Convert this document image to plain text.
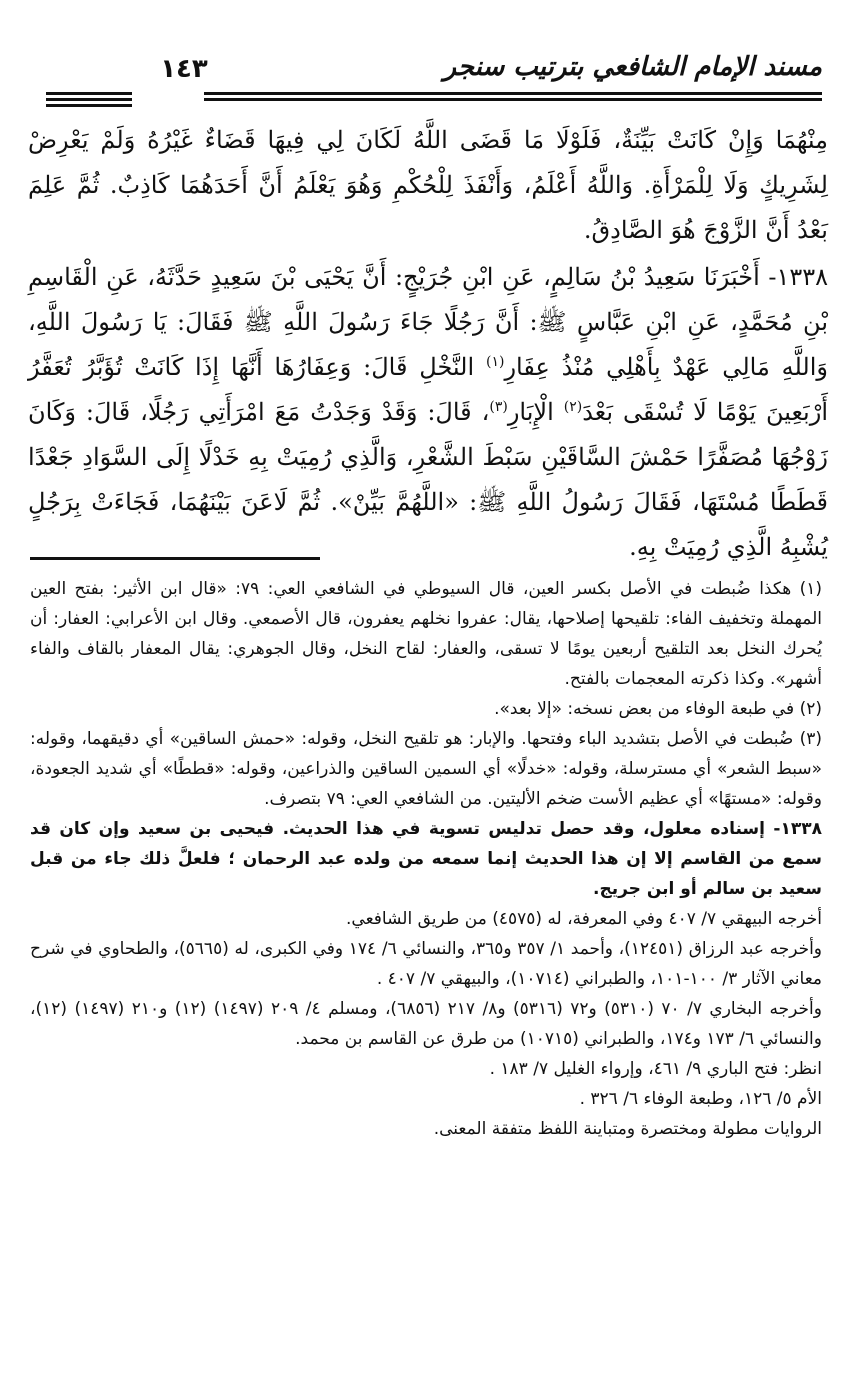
مسند الإمام الشافعي بترتيب سنجر
١٤٣

مِنْهُمَا وَإِنْ كَانَتْ بَيِّنَةٌ، فَلَوْلَا مَا قَضَى اللَّهُ لَكَانَ لِي فِيهَا قَضَاءٌ غَيْرُهُ وَلَمْ يَعْرِضْ لِشَرِيكٍ وَلَا لِلْمَرْأَةِ. وَاللَّهُ أَعْلَمُ، وَأَنْفَذَ لِلْحُكْمِ وَهُوَ يَعْلَمُ أَنَّ أَحَدَهُمَا كَاذِبٌ. ثُمَّ عَلِمَ بَعْدُ أَنَّ الزَّوْجَ هُوَ الصَّادِقُ.

١٣٣٨- أَخْبَرَنَا سَعِيدُ بْنُ سَالِمٍ، عَنِ ابْنِ جُرَيْجٍ: أَنَّ يَحْيَى بْنَ سَعِيدٍ حَدَّثَهُ، عَنِ الْقَاسِمِ بْنِ مُحَمَّدٍ، عَنِ ابْنِ عَبَّاسٍ ﷺ: أَنَّ رَجُلًا جَاءَ رَسُولَ اللَّهِ ﷺ فَقَالَ: يَا رَسُولَ اللَّهِ، وَاللَّهِ مَالِي عَهْدٌ بِأَهْلِي مُنْذُ عِفَارِ$^{(١)}$ النَّخْلِ قَالَ: وَعِفَارُهَا أَنَّهَا إِذَا كَانَتْ تُؤَبَّرُ تُعَفَّرُ أَرْبَعِينَ يَوْمًا لَا تُسْقَى بَعْدَ$^{(٢)}$ الْإِبَارِ$^{(٣)}$، قَالَ: وَقَدْ وَجَدْتُ مَعَ امْرَأَتِي رَجُلًا، قَالَ: وَكَانَ زَوْجُهَا مُصَفَّرًا حَمْشَ السَّاقَيْنِ سَبْطَ الشَّعْرِ، وَالَّذِي رُمِيَتْ بِهِ خَدْلًا إِلَى السَّوَادِ جَعْدًا قَطَطًا مُسْتَهَا، فَقَالَ رَسُولُ اللَّهِ ﷺ: «اللَّهُمَّ بَيِّنْ». ثُمَّ لَاعَنَ بَيْنَهُمَا، فَجَاءَتْ بِرَجُلٍ يُشْبِهُ الَّذِي رُمِيَتْ بِهِ.

(١) هكذا ضُبطت في الأصل بكسر العين، قال السيوطي في الشافعي العي: ٧٩: «قال ابن الأثير: بفتح العين المهملة وتخفيف الفاء: تلقيحها إصلاحها، يقال: عفروا نخلهم يعفرون، قال الأصمعي. وقال ابن الأعرابي: العفار: أن يُحرك النخل بعد التلقيح أربعين يومًا لا تسقى، والعفار: لقاح النخل، وقال الجوهري: يقال المعفار بالقاف والفاء أشهر». وكذا ذكرته المعجمات بالفتح.

(٢) في طبعة الوفاء من بعض نسخه: «إلا بعد».

(٣) ضُبطت في الأصل بتشديد الباء وفتحها. والإبار: هو تلقيح النخل، وقوله: «حمش الساقين» أي دقيقهما، وقوله: «سبط الشعر» أي مسترسلة، وقوله: «خدلًا» أي السمين الساقين والذراعين، وقوله: «قططًا» أي شديد الجعودة، وقوله: «مستهًا» أي عظيم الأست ضخم الأليتين. من الشافعي العي: ٧٩ بتصرف.

١٣٣٨- إسناده معلول، وقد حصل تدليس تسوية في هذا الحديث. فيحيى بن سعيد وإن كان قد سمع من القاسم إلا إن هذا الحديث إنما سمعه من ولده عبد الرحمان ؛ فلعلَّ ذلك جاء من قبل سعيد بن سالم أو ابن جريج.

أخرجه البيهقي ٧/ ٤٠٧ وفي المعرفة، له (٤٥٧٥) من طريق الشافعي.

وأخرجه عبد الرزاق (١٢٤٥١)، وأحمد ١/ ٣٥٧ و٣٦٥، والنسائي ٦/ ١٧٤ وفي الكبرى، له (٥٦٦٥)، والطحاوي في شرح معاني الآثار ٣/ ١٠٠-١٠١، والطبراني (١٠٧١٤)، والبيهقي ٧/ ٤٠٧ .

وأخرجه البخاري ٧/ ٧٠ (٥٣١٠) و٧٢ (٥٣١٦) و٨/ ٢١٧ (٦٨٥٦)، ومسلم ٤/ ٢٠٩ (١٤٩٧) (١٢) و٢١٠ (١٤٩٧) (١٢)، والنسائي ٦/ ١٧٣ و١٧٤، والطبراني (١٠٧١٥) من طرق عن القاسم بن محمد.

انظر: فتح الباري ٩/ ٤٦١، وإرواء الغليل ٧/ ١٨٣ .

الأم ٥/ ١٢٦، وطبعة الوفاء ٦/ ٣٢٦ .

الروايات مطولة ومختصرة ومتباينة اللفظ متفقة المعنى.
